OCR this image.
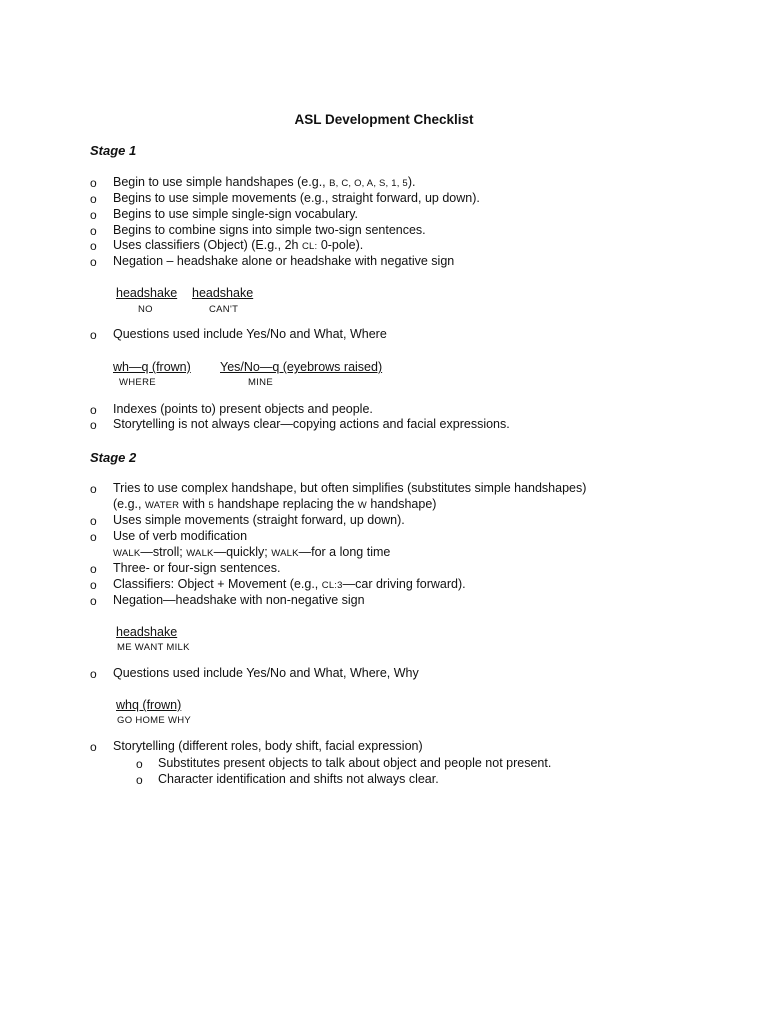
ASL Development Checklist
Stage 1
o Begin to use simple handshapes (e.g., B, C, O, A, S, 1, 5).
o Begins to use simple movements (e.g., straight forward, up down).
o Begins to use simple single-sign vocabulary.
o Begins to combine signs into simple two-sign sentences.
o Uses classifiers (Object) (E.g., 2h CL: 0-pole).
o Negation – headshake alone or headshake with negative sign
headshake
NO
headshake
CAN'T
o Questions used include Yes/No and What, Where
wh—q (frown)
WHERE
Yes/No—q (eyebrows raised)
MINE
o Indexes (points to) present objects and people.
o Storytelling is not always clear—copying actions and facial expressions.
Stage 2
o Tries to use complex handshape, but often simplifies (substitutes simple handshapes)
(e.g., WATER with 5 handshape replacing the W handshape)
o Uses simple movements (straight forward, up down).
o Use of verb modification
WALK—stroll; WALK—quickly; WALK—for a long time
o Three- or four-sign sentences.
o Classifiers: Object + Movement (e.g., CL:3—car driving forward).
o Negation—headshake with non-negative sign
headshake
ME WANT MILK
o Questions used include Yes/No and What, Where, Why
whq (frown)
GO HOME WHY
o Storytelling (different roles, body shift, facial expression)
o Substitutes present objects to talk about object and people not present.
o Character identification and shifts not always clear.
